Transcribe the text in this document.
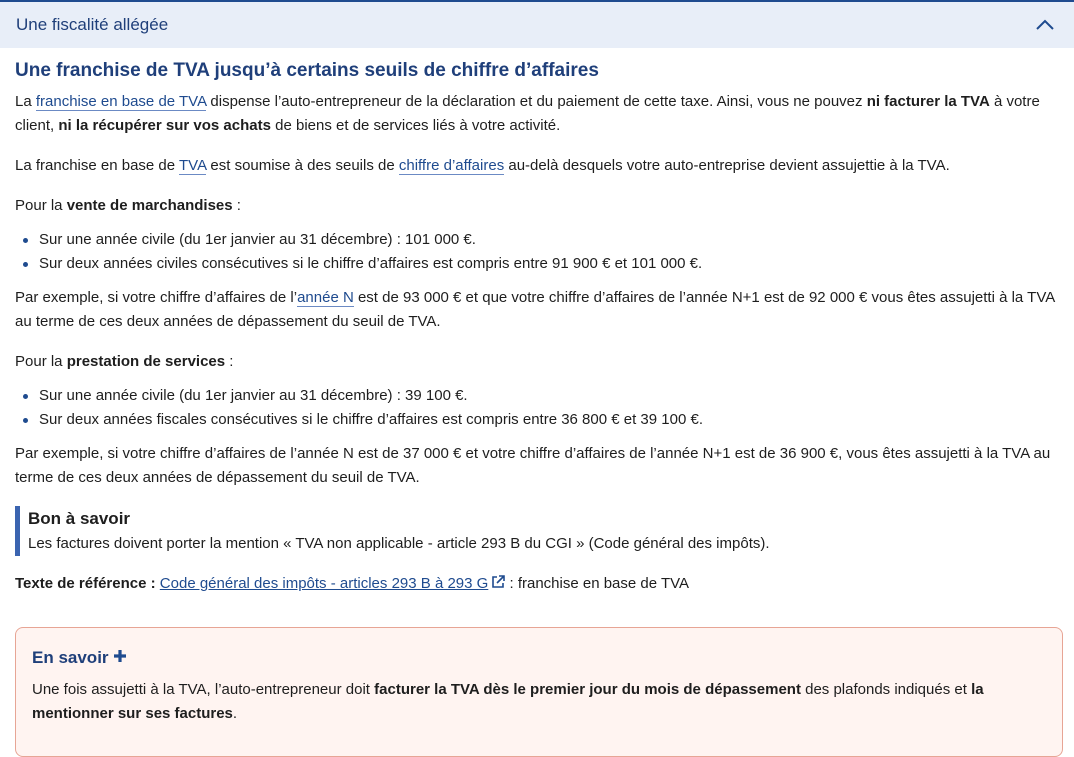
Une fiscalité allégée
Une franchise de TVA jusqu’à certains seuils de chiffre d’affaires

La franchise en base de TVA dispense l’auto-entrepreneur de la déclaration et du paiement de cette taxe. Ainsi, vous ne pouvez ni facturer la TVA à votre client, ni la récupérer sur vos achats de biens et de services liés à votre activité.

La franchise en base de TVA est soumise à des seuils de chiffre d’affaires au-delà desquels votre auto-entreprise devient assujettie à la TVA.

Pour la vente de marchandises :

Sur une année civile (du 1er janvier au 31 décembre) : 101 000 €.
Sur deux années civiles consécutives si le chiffre d’affaires est compris entre 91 900 € et 101 000 €.

Par exemple, si votre chiffre d’affaires de l’année N est de 93 000 € et que votre chiffre d’affaires de l’année N+1 est de 92 000 € vous êtes assujetti à la TVA au terme de ces deux années de dépassement du seuil de TVA.

Pour la prestation de services :

Sur une année civile (du 1er janvier au 31 décembre) : 39 100 €.
Sur deux années fiscales consécutives si le chiffre d’affaires est compris entre 36 800 € et 39 100 €.

Par exemple, si votre chiffre d’affaires de l’année N est de 37 000 € et votre chiffre d’affaires de l’année N+1 est de 36 900 €, vous êtes assujetti à la TVA au terme de ces deux années de dépassement du seuil de TVA.

Bon à savoir
Les factures doivent porter la mention « TVA non applicable - article 293 B du CGI » (Code général des impôts).

Texte de référence : Code général des impôts - articles 293 B à 293 G : franchise en base de TVA

En savoir
Une fois assujetti à la TVA, l’auto-entrepreneur doit facturer la TVA dès le premier jour du mois de dépassement des plafonds indiqués et la mentionner sur ses factures.
